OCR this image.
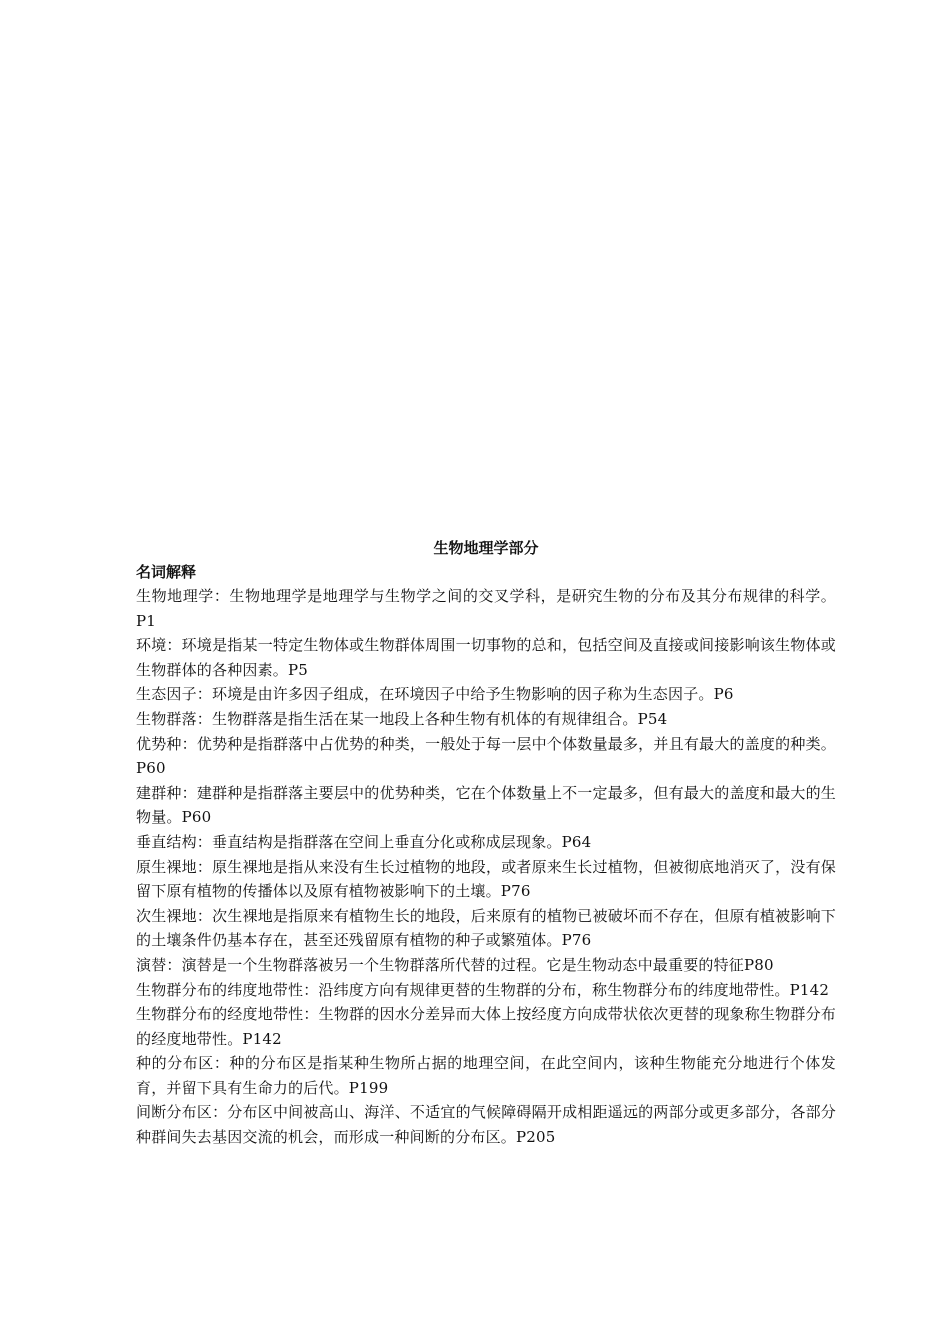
生物地理学部分

名词解释

生物地理学：生物地理学是地理学与生物学之间的交叉学科，是研究生物的分布及其分布规律的科学。P1

环境：环境是指某一特定生物体或生物群体周围一切事物的总和，包括空间及直接或间接影响该生物体或生物群体的各种因素。P5

生态因子：环境是由许多因子组成，在环境因子中给予生物影响的因子称为生态因子。P6

生物群落：生物群落是指生活在某一地段上各种生物有机体的有规律组合。P54

优势种：优势种是指群落中占优势的种类，一般处于每一层中个体数量最多，并且有最大的盖度的种类。P60

建群种：建群种是指群落主要层中的优势种类，它在个体数量上不一定最多，但有最大的盖度和最大的生物量。P60

垂直结构：垂直结构是指群落在空间上垂直分化或称成层现象。P64

原生裸地：原生裸地是指从来没有生长过植物的地段，或者原来生长过植物，但被彻底地消灭了，没有保留下原有植物的传播体以及原有植物被影响下的土壤。P76

次生裸地：次生裸地是指原来有植物生长的地段，后来原有的植物已被破坏而不存在，但原有植被影响下的土壤条件仍基本存在，甚至还残留原有植物的种子或繁殖体。P76

演替：演替是一个生物群落被另一个生物群落所代替的过程。它是生物动态中最重要的特征P80

生物群分布的纬度地带性：沿纬度方向有规律更替的生物群的分布，称生物群分布的纬度地带性。P142

生物群分布的经度地带性：生物群的因水分差异而大体上按经度方向成带状依次更替的现象称生物群分布的经度地带性。P142

种的分布区：种的分布区是指某种生物所占据的地理空间，在此空间内，该种生物能充分地进行个体发育，并留下具有生命力的后代。P199

间断分布区：分布区中间被高山、海洋、不适宜的气候障碍隔开成相距遥远的两部分或更多部分，各部分种群间失去基因交流的机会，而形成一种间断的分布区。P205
